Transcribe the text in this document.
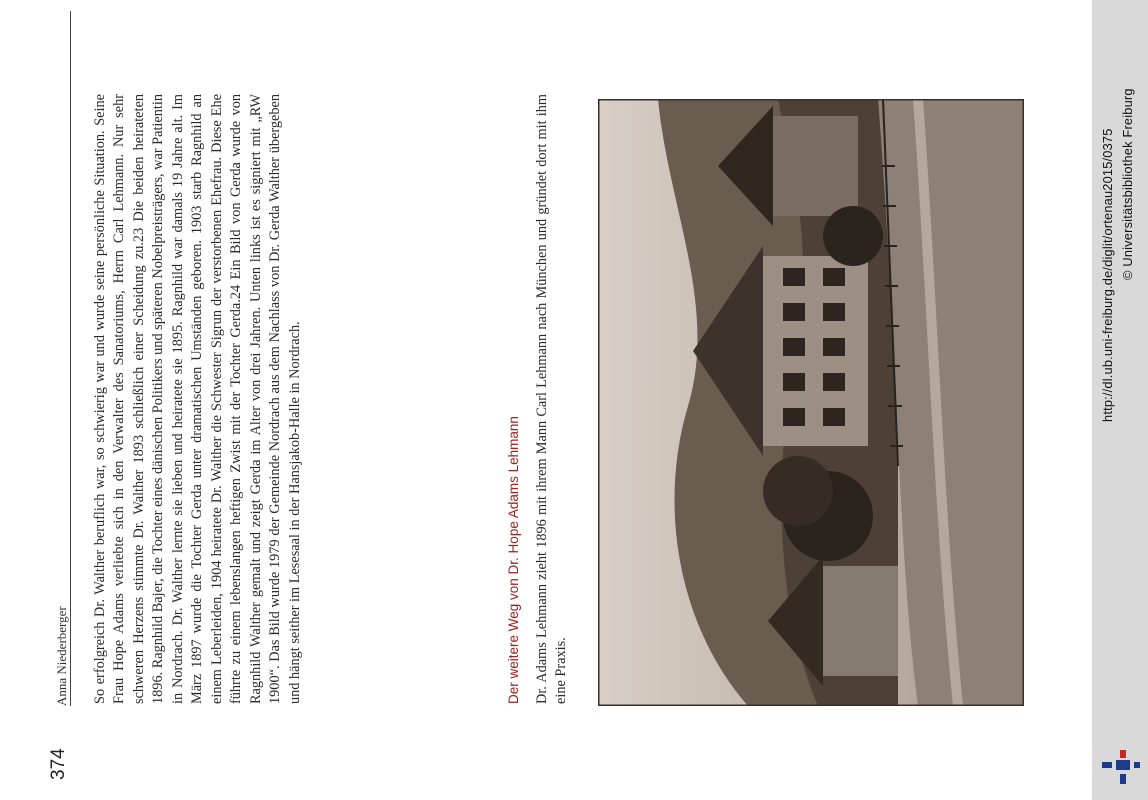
374
Anna Niederberger So erfolgreich Dr. Walther beruflich war, so schwierig war und wurde seine persönliche Situation. Seine Frau Hope Adams verliebte sich in den Verwalter des Sanatoriums, Herrn Carl Lehmann. Nur sehr schweren Herzens stimmte Dr. Walther 1893 schließlich einer Scheidung zu.23 Die beiden heirateten 1896. Ragnhild Bajer, die Tochter eines dänischen Politikers und späteren Nobelpreisträgers, war Patientin in Nordrach. Dr. Walther lernte sie lieben und heiratete sie 1895. Ragnhild war damals 19 Jahre alt. Im März 1897 wurde die Tochter Gerda unter dramatischen Umständen geboren. 1903 starb Ragnhild an einem Leberleiden, 1904 heiratete Dr. Walther die Schwester Sigrun der verstorbenen Ehefrau. Diese Ehe führte zu einem lebenslangen heftigen Zwist mit der Tochter Gerda.24 Ein Bild von Gerda wurde von Ragnhild Walther gemalt und zeigt Gerda im Alter von drei Jahren. Unten links ist es signiert mit „RW 1900“. Das Bild wurde 1979 der Gemeinde Nordrach aus dem Nachlass von Dr. Gerda Walther übergeben und hängt seither im Lesesaal in der Hansjakob-Halle in Nordrach.	Der weitere Weg von Dr. Hope Adams Lehmann Dr. Adams Lehmann zieht 1896 mit ihrem Mann Carl Lehmann nach München und gründet dort mit ihm eine Praxis.
http://dl.ub.uni-freiburg.de/diglit/ortenau2015/0375 © Universitätsbibliothek Freiburg
